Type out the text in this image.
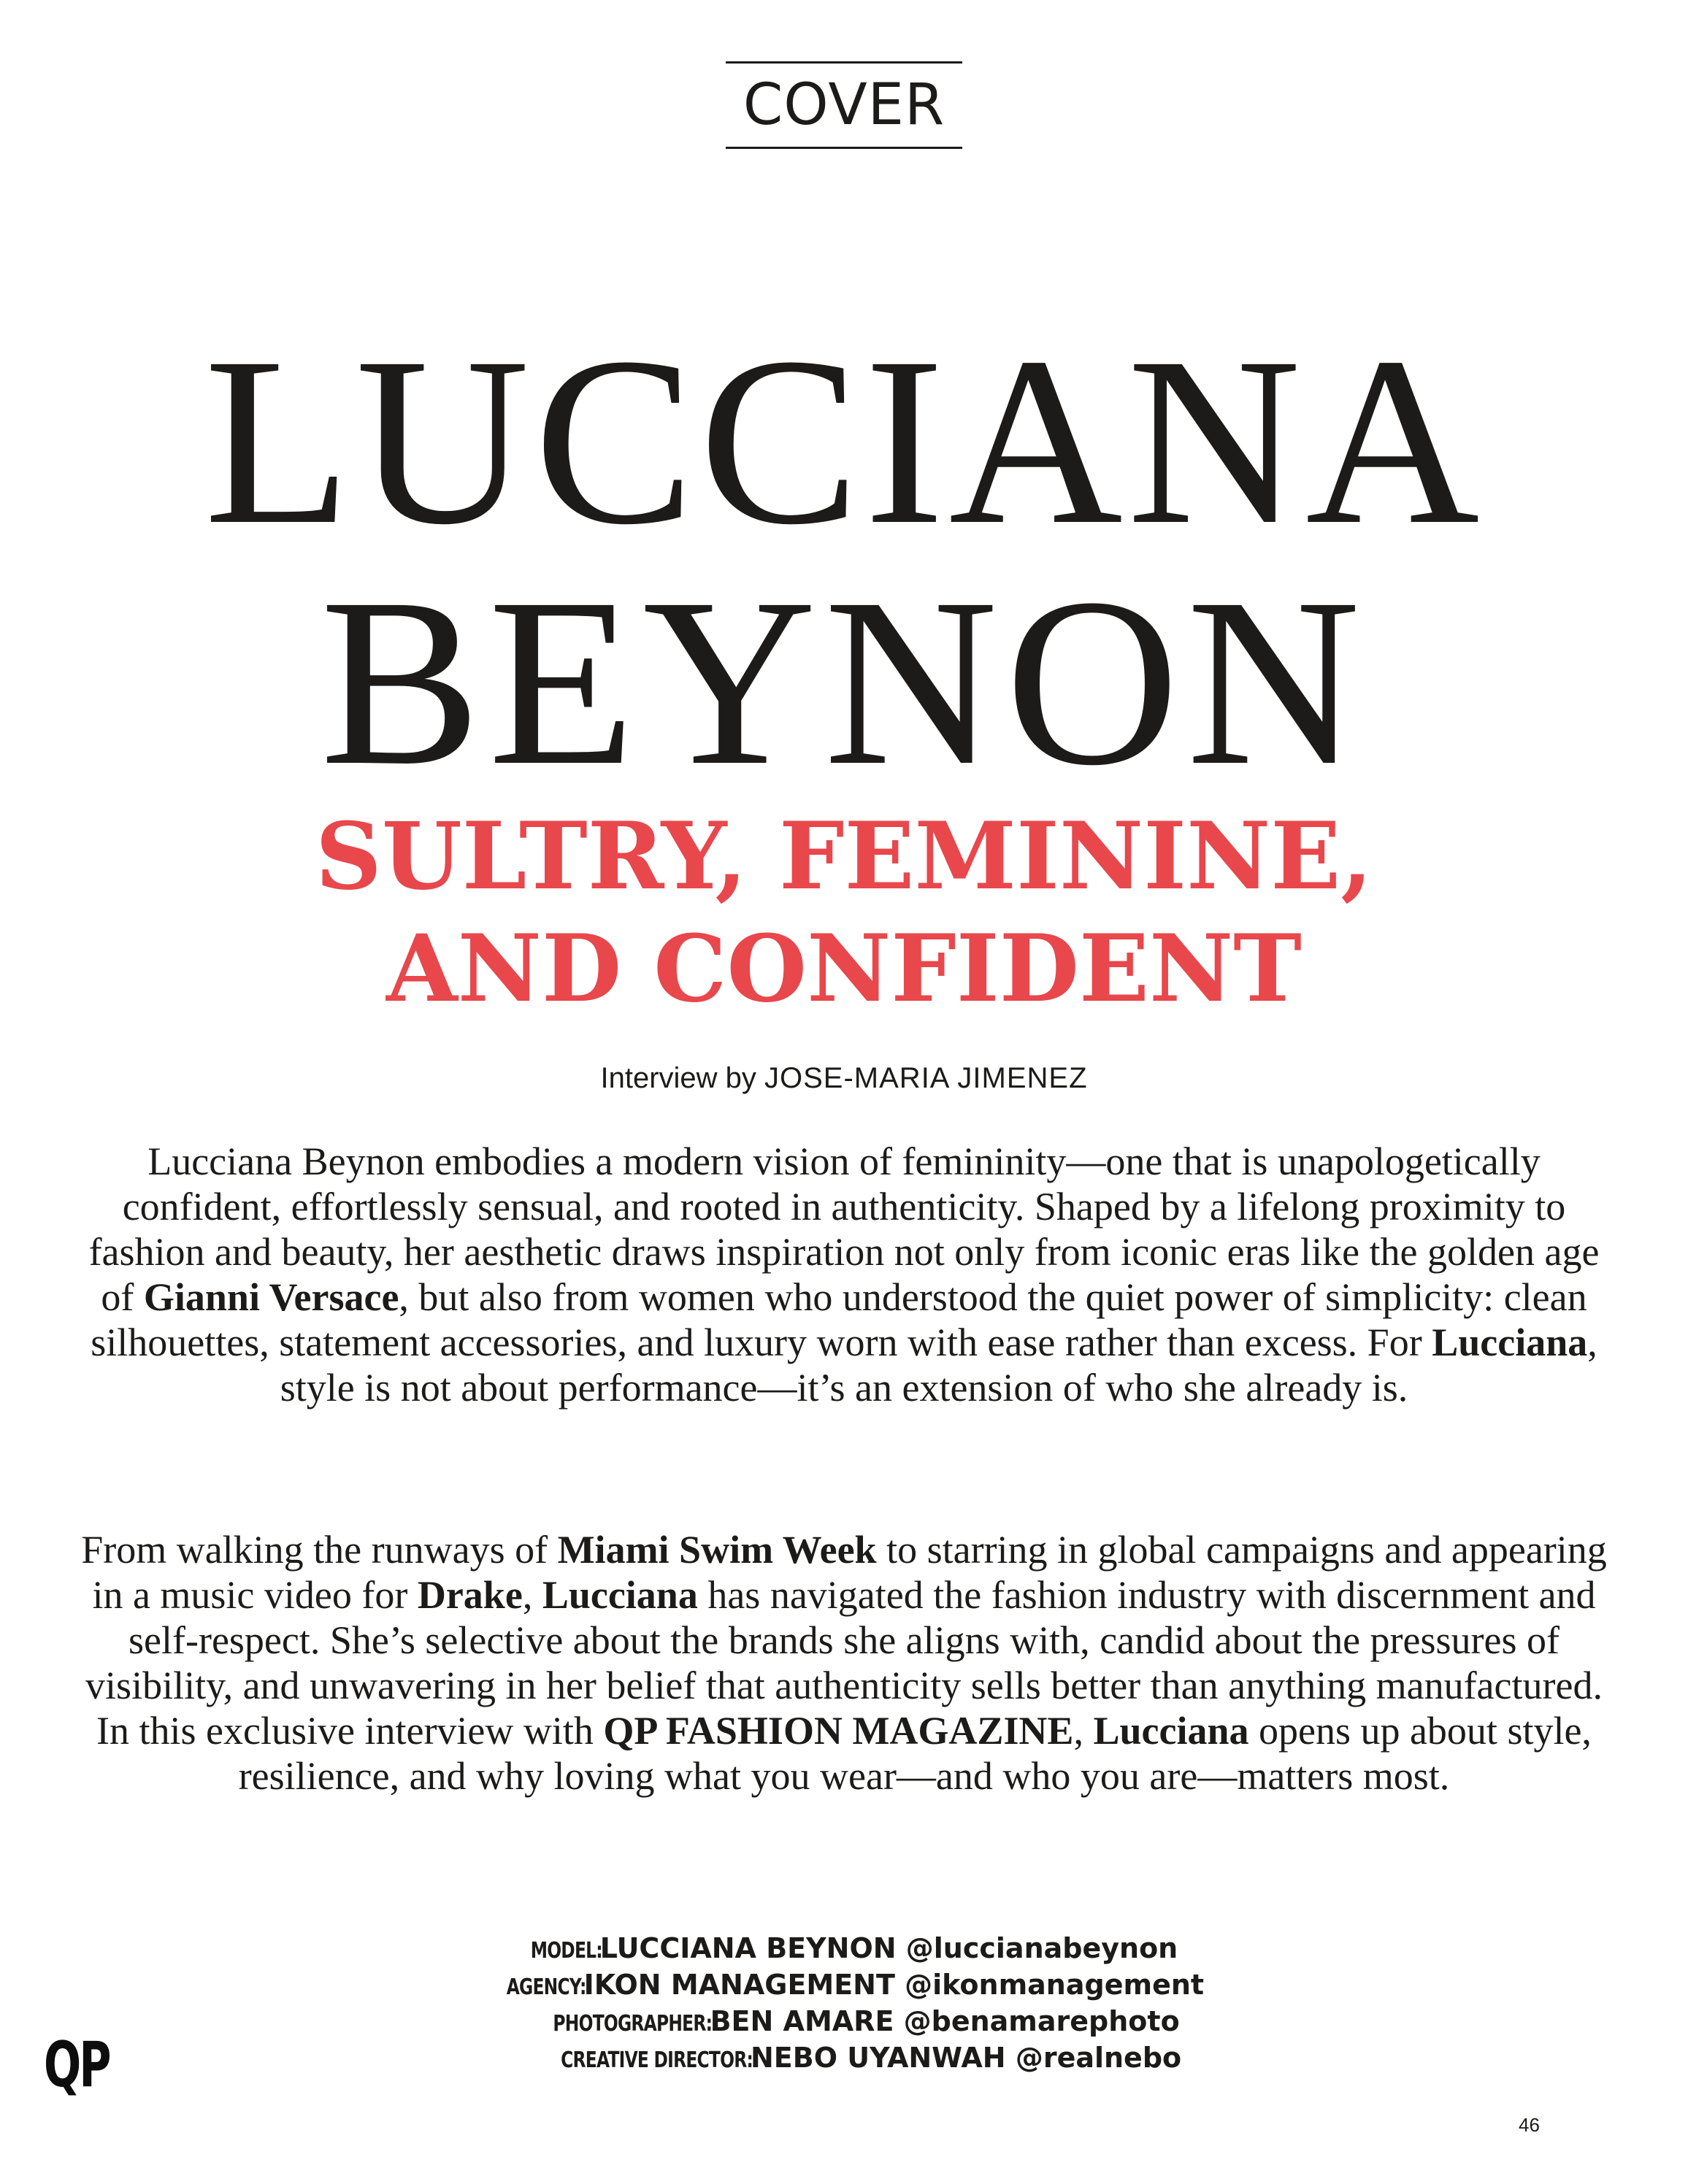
COVER
LUCCIANA
BEYNON
SULTRY, FEMININE,
AND CONFIDENT
Interview by JOSE-MARIA JIMENEZ

Lucciana Beynon embodies a modern vision of femininity—one that is unapologetically confident, effortlessly sensual, and rooted in authenticity. Shaped by a lifelong proximity to fashion and beauty, her aesthetic draws inspiration not only from iconic eras like the golden age of Gianni Versace, but also from women who understood the quiet power of simplicity: clean silhouettes, statement accessories, and luxury worn with ease rather than excess. For Lucciana, style is not about performance—it’s an extension of who she already is.

From walking the runways of Miami Swim Week to starring in global campaigns and appearing in a music video for Drake, Lucciana has navigated the fashion industry with discernment and self-respect. She’s selective about the brands she aligns with, candid about the pressures of visibility, and unwavering in her belief that authenticity sells better than anything manufactured. In this exclusive interview with QP FASHION MAGAZINE, Lucciana opens up about style, resilience, and why loving what you wear—and who you are—matters most.

MODEL: LUCCIANA BEYNON @luccianabeynon
AGENCY: IKON MANAGEMENT @ikonmanagement
PHOTOGRAPHER: BEN AMARE @benamarephoto
CREATIVE DIRECTOR: NEBO UYANWAH @realnebo
QP
46
